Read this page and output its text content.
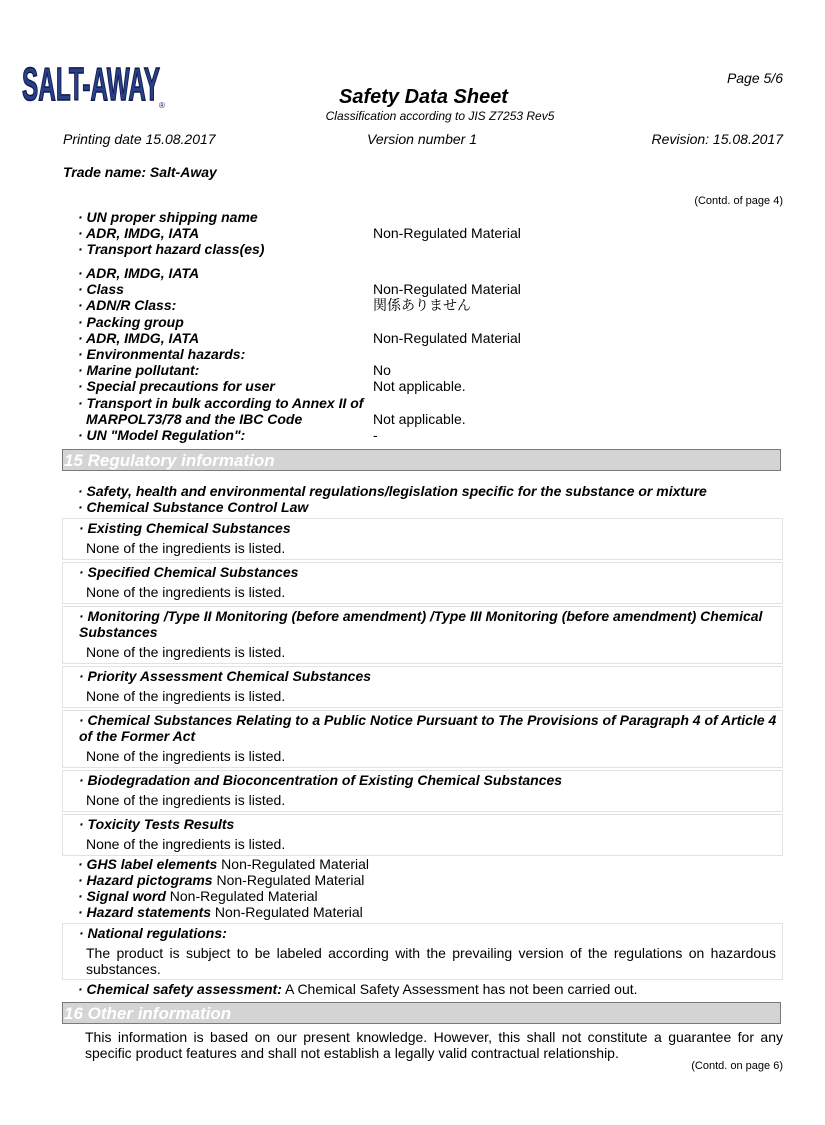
SALT-AWAY ®
Page 5/6
Safety Data Sheet
Classification according to JIS Z7253 Rev5
Printing date 15.08.2017	Version number 1	Revision: 15.08.2017
Trade name: Salt-Away
(Contd. of page 4)
· UN proper shipping name
· ADR, IMDG, IATA	Non-Regulated Material
· Transport hazard class(es)
· ADR, IMDG, IATA
· Class	Non-Regulated Material
· ADN/R Class:	関係ありません
· Packing group
· ADR, IMDG, IATA	Non-Regulated Material
· Environmental hazards:
· Marine pollutant:	No
· Special precautions for user	Not applicable.
· Transport in bulk according to Annex II of
MARPOL73/78 and the IBC Code	Not applicable.
· UN "Model Regulation":	-
15 Regulatory information
· Safety, health and environmental regulations/legislation specific for the substance or mixture
· Chemical Substance Control Law
· Existing Chemical Substances
None of the ingredients is listed.
· Specified Chemical Substances
None of the ingredients is listed.
· Monitoring /Type II Monitoring (before amendment) /Type III Monitoring (before amendment) Chemical Substances
None of the ingredients is listed.
· Priority Assessment Chemical Substances
None of the ingredients is listed.
· Chemical Substances Relating to a Public Notice Pursuant to The Provisions of Paragraph 4 of Article 4 of the Former Act
None of the ingredients is listed.
· Biodegradation and Bioconcentration of Existing Chemical Substances
None of the ingredients is listed.
· Toxicity Tests Results
None of the ingredients is listed.
· GHS label elements Non-Regulated Material
· Hazard pictograms Non-Regulated Material
· Signal word Non-Regulated Material
· Hazard statements Non-Regulated Material
· National regulations:
The product is subject to be labeled according with the prevailing version of the regulations on hazardous substances.
· Chemical safety assessment: A Chemical Safety Assessment has not been carried out.
16 Other information
This information is based on our present knowledge. However, this shall not constitute a guarantee for any specific product features and shall not establish a legally valid contractual relationship.
(Contd. on page 6)
